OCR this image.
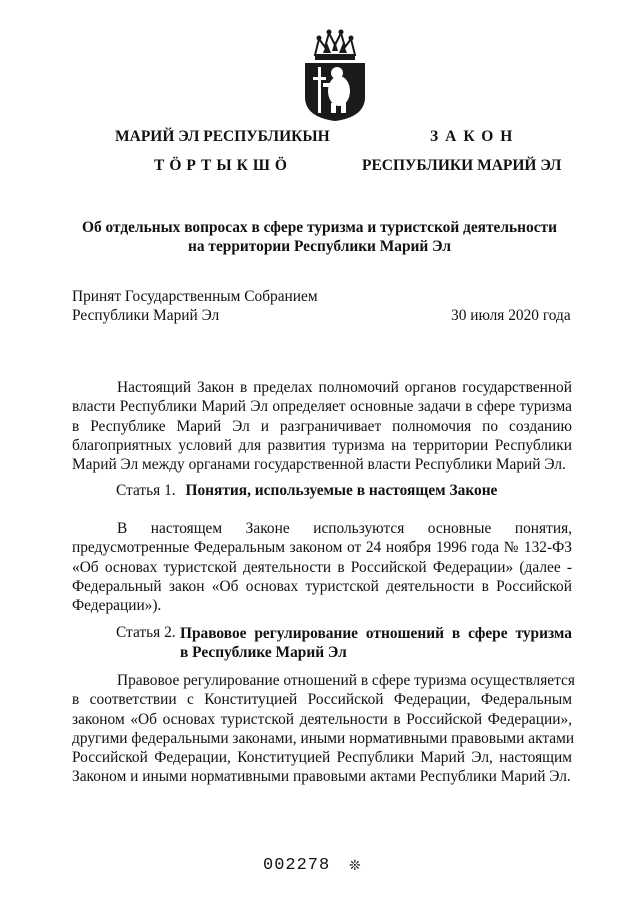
МАРИЙ ЭЛ РЕСПУБЛИКЫН
ТӦРТЫКШӦ
ЗАКОН
РЕСПУБЛИКИ МАРИЙ ЭЛ
Об отдельных вопросах в сфере туризма и туристской деятельности
на территории Республики Марий Эл
Принят Государственным Собранием
Республики Марий Эл	30 июля 2020 года
Настоящий Закон в пределах полномочий органов государственной
власти Республики Марий Эл определяет основные задачи в сфере туризма
в Республике Марий Эл и разграничивает полномочия по созданию
благоприятных условий для развития туризма на территории Республики
Марий Эл между органами государственной власти Республики Марий Эл.
Статья 1. Понятия, используемые в настоящем Законе
В настоящем Законе используются основные понятия,
предусмотренные Федеральным законом от 24 ноября 1996 года № 132-ФЗ
«Об основах туристской деятельности в Российской Федерации» (далее -
Федеральный закон «Об основах туристской деятельности в Российской
Федерации»).
Статья 2. Правовое регулирование отношений в сфере туризма
в Республике Марий Эл
Правовое регулирование отношений в сфере туризма осуществляется
в соответствии с Конституцией Российской Федерации, Федеральным
законом «Об основах туристской деятельности в Российской Федерации»,
другими федеральными законами, иными нормативными правовыми актами
Российской Федерации, Конституцией Республики Марий Эл, настоящим
Законом и иными нормативными правовыми актами Республики Марий Эл.
002278 ❊
